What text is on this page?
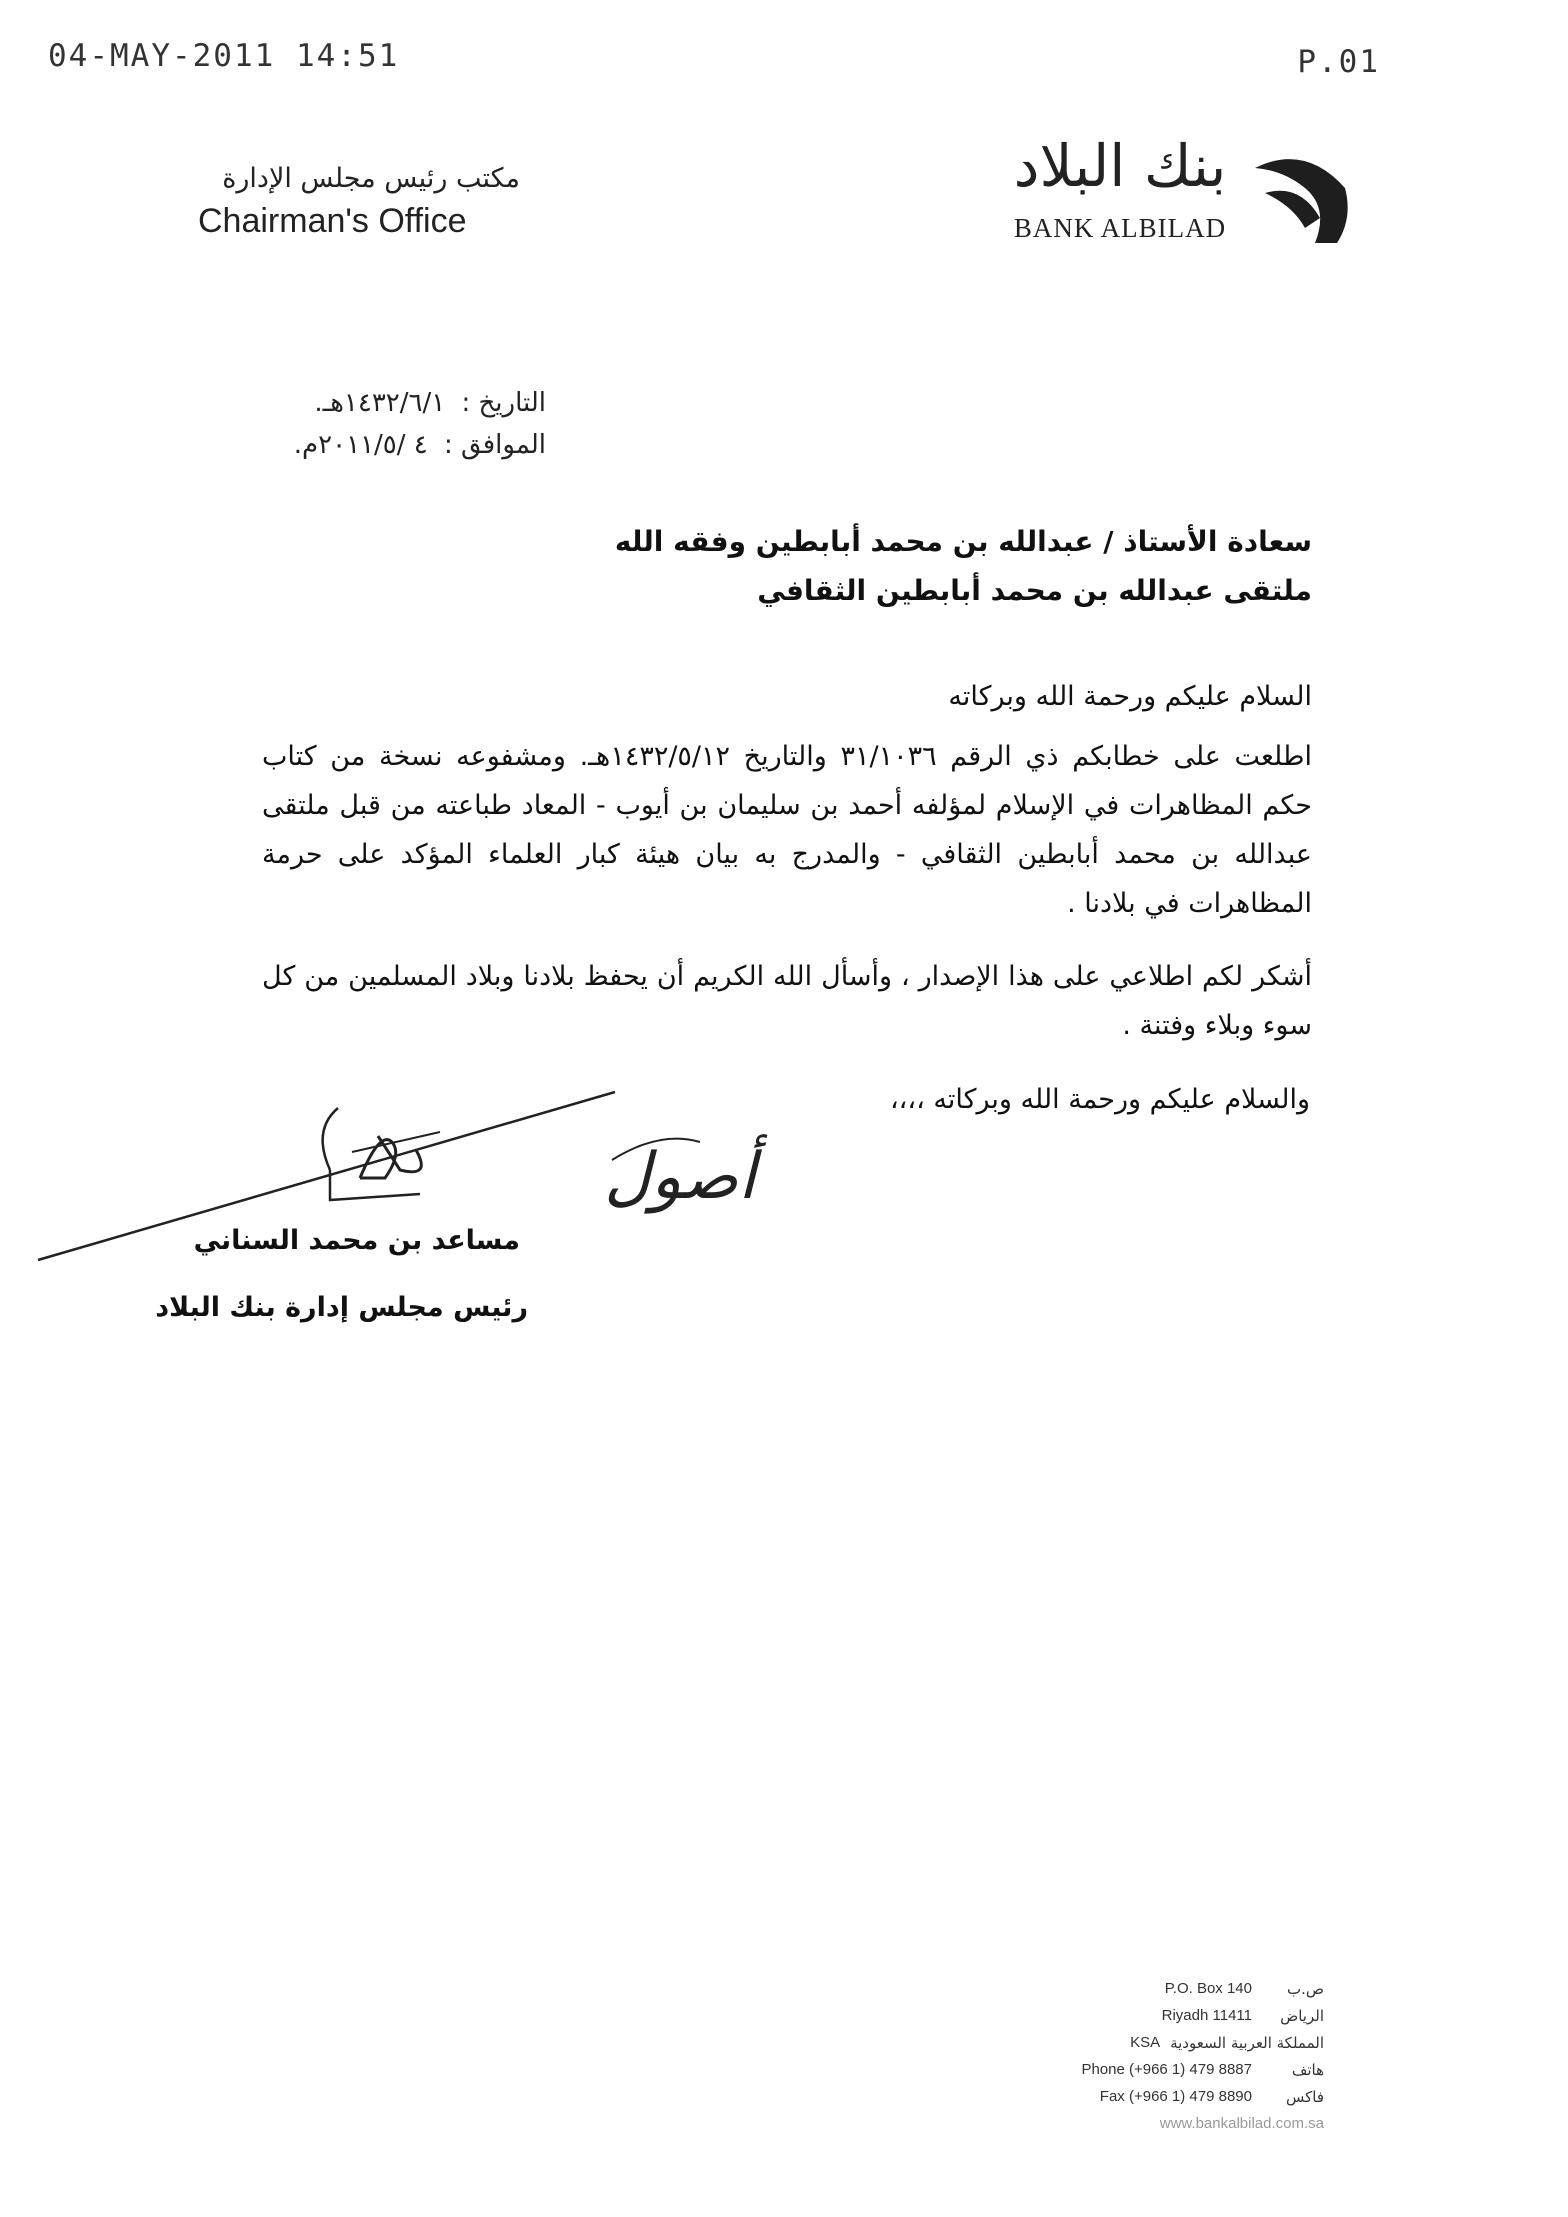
04-MAY-2011 14:51	P.01
مكتب رئيس مجلس الإدارة
Chairman's Office
بنك البلاد
BANK ALBILAD
التاريخ : ١٤٣٢/٦/١هـ.
الموافق : ٤ /٢٠١١/٥م.
سعادة الأستاذ / عبدالله بن محمد أبابطين وفقه الله
ملتقى عبدالله بن محمد أبابطين الثقافي
السلام عليكم ورحمة الله وبركاته
اطلعت على خطابكم ذي الرقم ٣١/١٠٣٦ والتاريخ ١٤٣٢/٥/١٢هـ. ومشفوعه نسخة من كتاب حكم المظاهرات في الإسلام لمؤلفه أحمد بن سليمان بن أيوب - المعاد طباعته من قبل ملتقى عبدالله بن محمد أبابطين الثقافي - والمدرج به بيان هيئة كبار العلماء المؤكد على حرمة المظاهرات في بلادنا .
أشكر لكم اطلاعي على هذا الإصدار ، وأسأل الله الكريم أن يحفظ بلادنا وبلاد المسلمين من كل سوء وبلاء وفتنة .
والسلام عليكم ورحمة الله وبركاته ،،،،
أصول
مساعد بن محمد السناني
رئيس مجلس إدارة بنك البلاد
P.O. Box 140	ص.ب
Riyadh 11411	الرياض
KSA المملكة العربية السعودية
Phone (+966 1) 479 8887	هاتف
Fax (+966 1) 479 8890	فاكس
www.bankalbilad.com.sa
